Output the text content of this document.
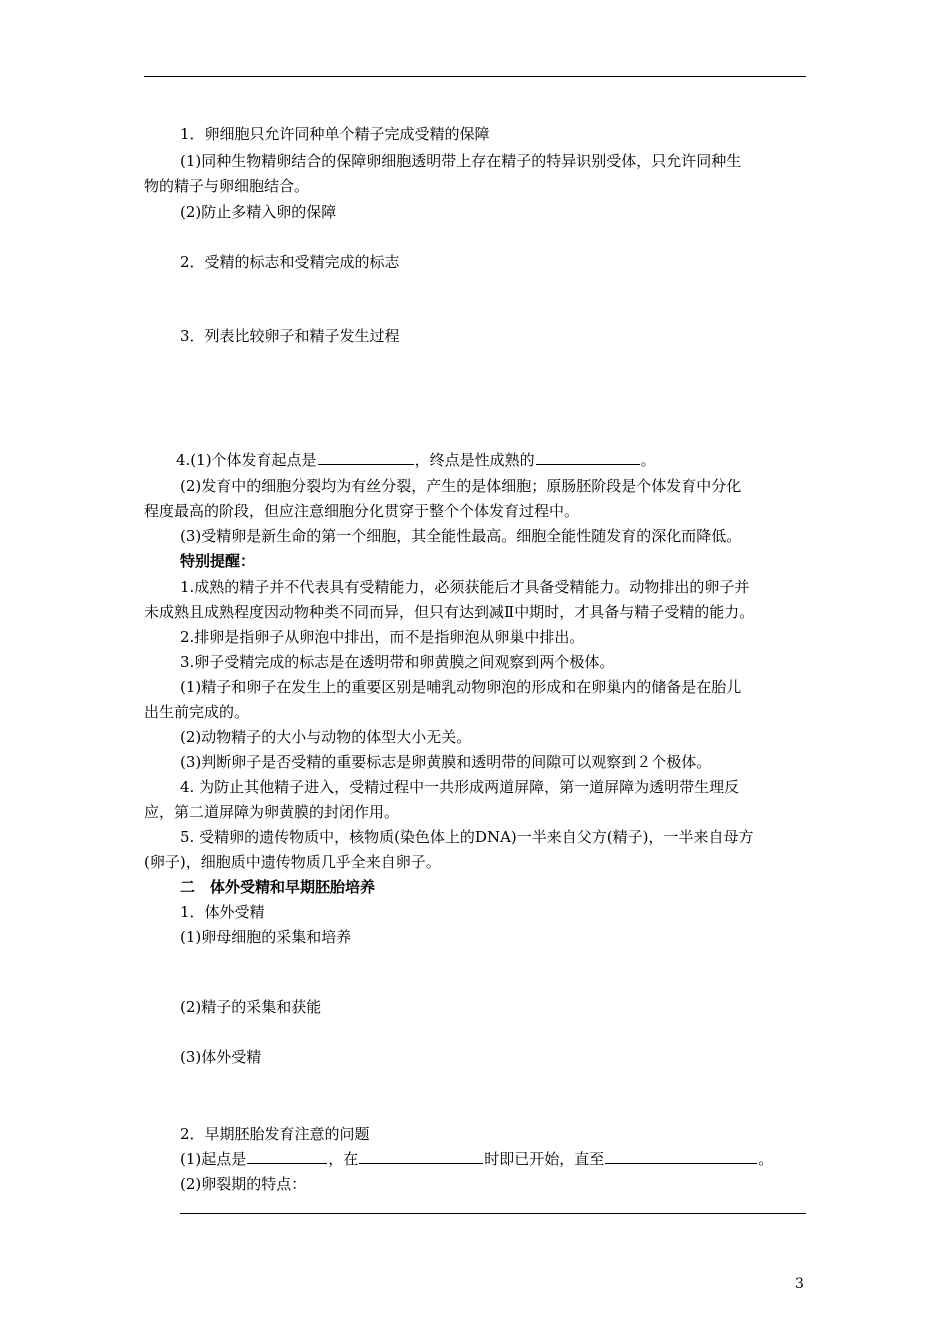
1．卵细胞只允许同种单个精子完成受精的保障
(1)同种生物精卵结合的保障卵细胞透明带上存在精子的特异识别受体，只允许同种生
物的精子与卵细胞结合。
(2)防止多精入卵的保障
2．受精的标志和受精完成的标志
3．列表比较卵子和精子发生过程
4.(1)个体发育起点是	，终点是性成熟的	。
(2)发育中的细胞分裂均为有丝分裂，产生的是体细胞；原肠胚阶段是个体发育中分化
程度最高的阶段，但应注意细胞分化贯穿于整个个体发育过程中。
(3)受精卵是新生命的第一个细胞，其全能性最高。细胞全能性随发育的深化而降低。
特别提醒：
1.成熟的精子并不代表具有受精能力，必须获能后才具备受精能力。动物排出的卵子并
未成熟且成熟程度因动物种类不同而异，但只有达到减Ⅱ中期时，才具备与精子受精的能力。
2.排卵是指卵子从卵泡中排出，而不是指卵泡从卵巢中排出。
3.卵子受精完成的标志是在透明带和卵黄膜之间观察到两个极体。
(1)精子和卵子在发生上的重要区别是哺乳动物卵泡的形成和在卵巢内的储备是在胎儿
出生前完成的。
(2)动物精子的大小与动物的体型大小无关。
(3)判断卵子是否受精的重要标志是卵黄膜和透明带的间隙可以观察到２个极体。
4. 为防止其他精子进入，受精过程中一共形成两道屏障，第一道屏障为透明带生理反
应，第二道屏障为卵黄膜的封闭作用。
5. 受精卵的遗传物质中，核物质(染色体上的DNA)一半来自父方(精子)，一半来自母方
(卵子)，细胞质中遗传物质几乎全来自卵子。
二　体外受精和早期胚胎培养
1．体外受精
(1)卵母细胞的采集和培养
(2)精子的采集和获能
(3)体外受精
2．早期胚胎发育注意的问题
(1)起点是	，在	时即已开始，直至	。
(2)卵裂期的特点：
3
